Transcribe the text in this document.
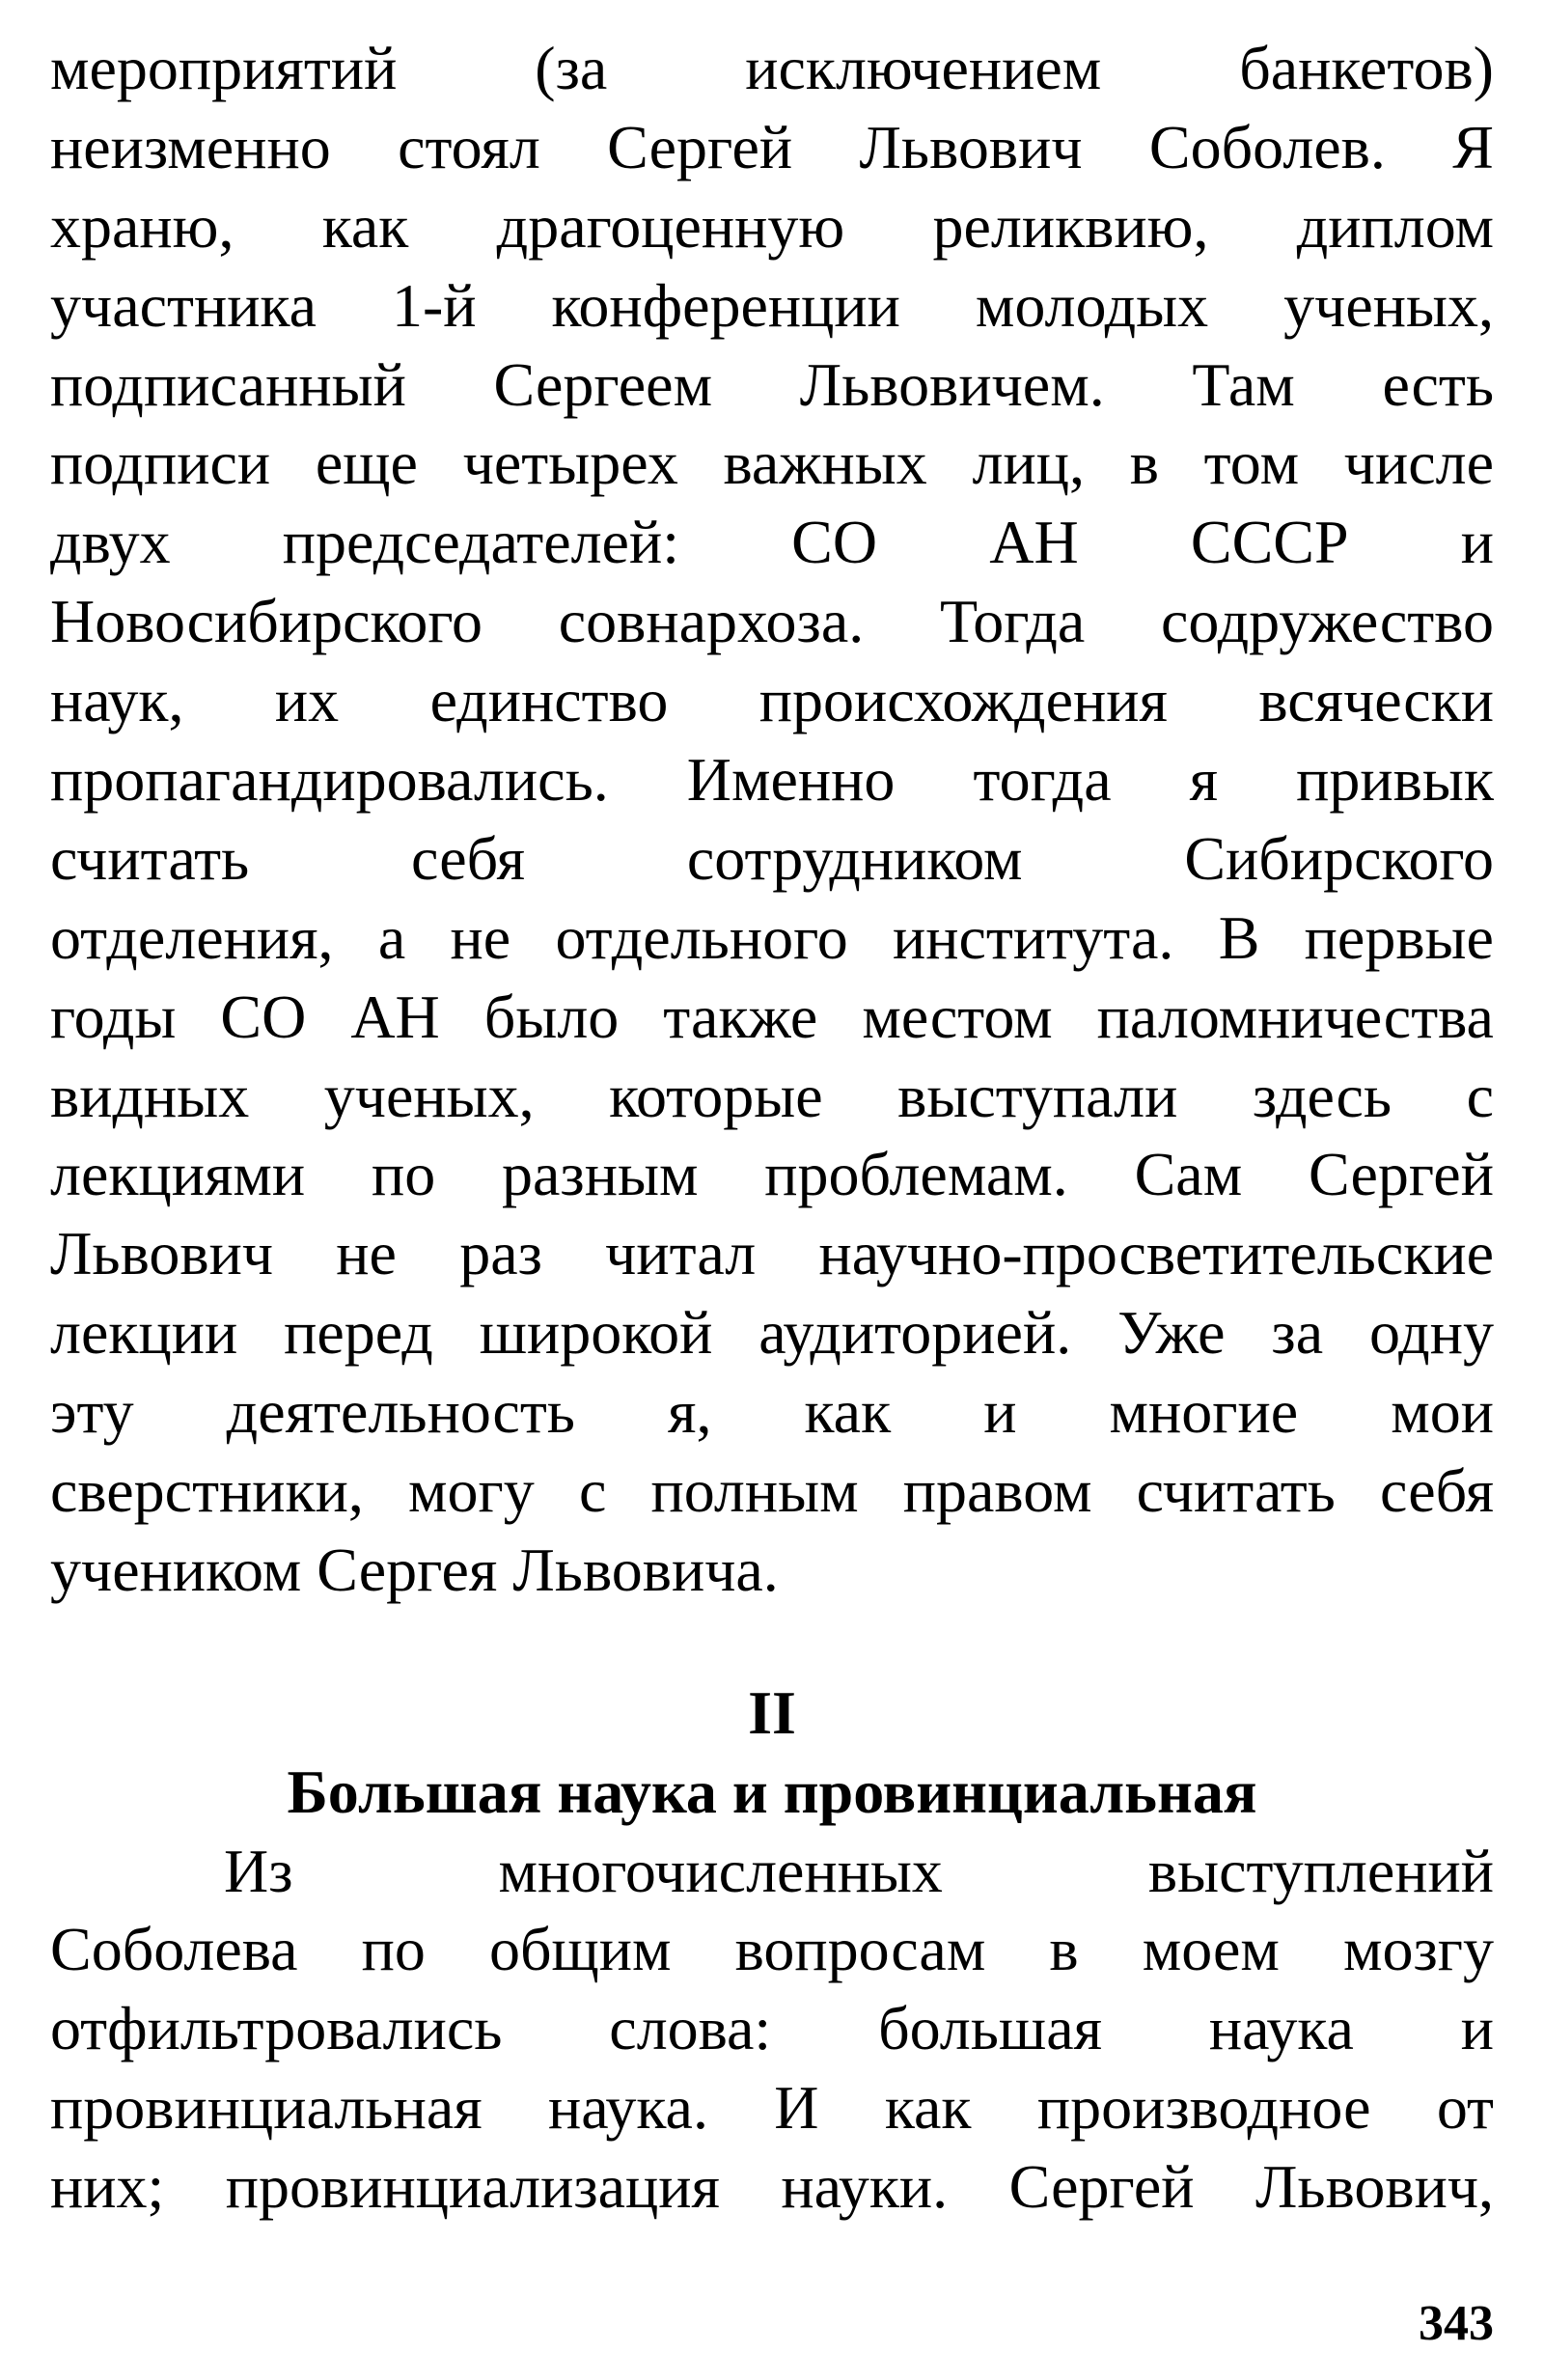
мероприятий (за исключением банкетов)
неизменно стоял Сергей Львович Соболев. Я
храню, как драгоценную реликвию, диплом
участника 1-й конференции молодых ученых,
подписанный Сергеем Львовичем. Там есть
подписи еще четырех важных лиц, в том числе
двух председателей: СО АН СССР и
Новосибирского совнархоза. Тогда содружество
наук, их единство происхождения всячески
пропагандировались. Именно тогда я привык
считать	себя	сотрудником	Сибирского
отделения, а не отдельного института. В первые
годы СО АН было также местом паломничества
видных ученых, которые выступали здесь с
лекциями по разным проблемам. Сам Сергей
Львович не раз читал научно-просветительские
лекции перед широкой аудиторией. Уже за одну
эту деятельность я, как и многие мои
сверстники, могу с полным правом считать себя
учеником Сергея Львовича.
II
Большая наука и провинциальная
Из	многочисленных	выступлений
Соболева по общим вопросам в моем мозгу
отфильтровались слова: большая наука и
провинциальная наука. И как производное от
них; провинциализация науки. Сергей Львович,
343
